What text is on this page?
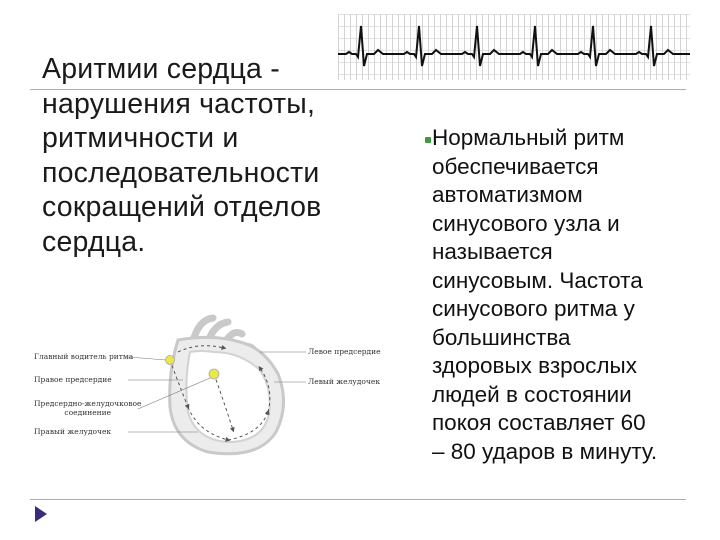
Аритмии сердца -
нарушения частоты,
ритмичности и
последовательности
сокращений отделов
сердца.
Нормальный ритм
обеспечивается
автоматизмом
синусового узла и
называется
синусовым. Частота
синусового ритма у
большинства
здоровых взрослых
людей в состоянии
покоя составляет 60
– 80 ударов в минуту.
Главный водитель ритма
Правое предсердие
Предсердно-желудочковое
соединение
Правый желудочек
Левое предсердие
Левый желудочек
